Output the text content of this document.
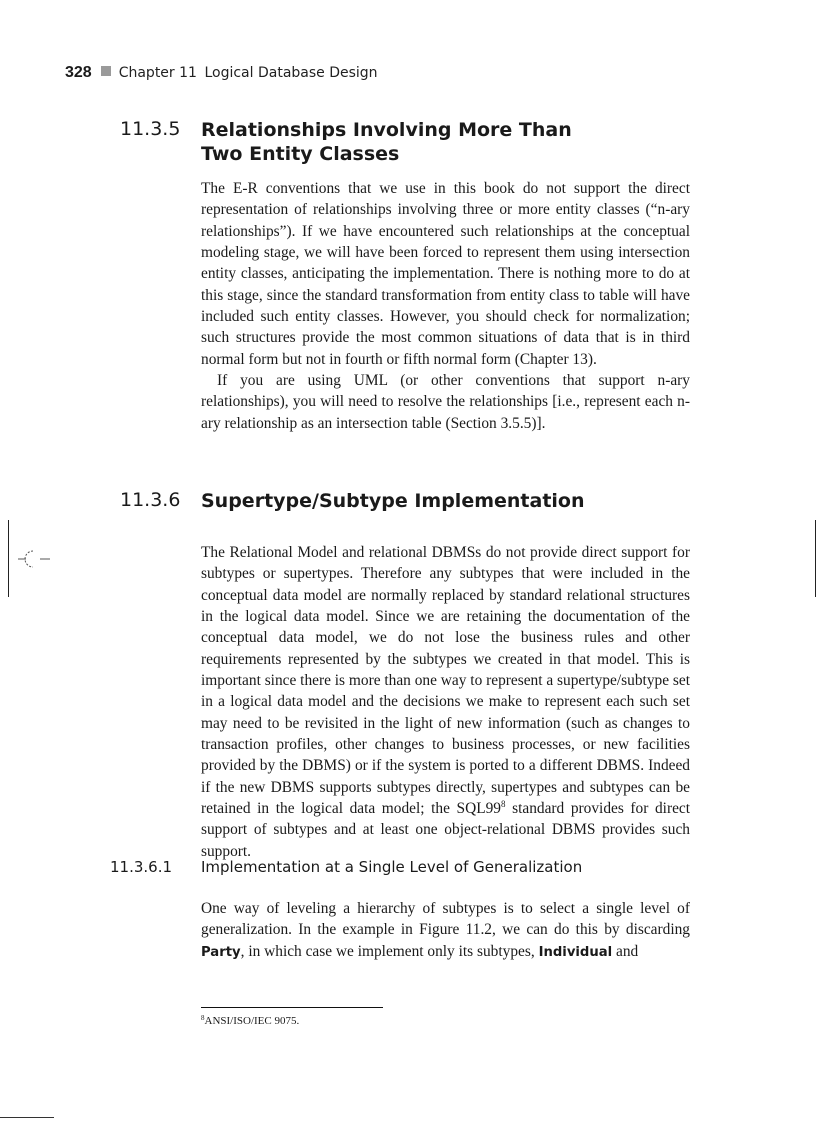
328 Chapter 11 Logical Database Design
11.3.5 Relationships Involving More Than
Two Entity Classes

The E-R conventions that we use in this book do not support the direct representation of relationships involving three or more entity classes (“n-ary relationships”). If we have encountered such relationships at the conceptual modeling stage, we will have been forced to represent them using intersection entity classes, anticipating the implementation. There is nothing more to do at this stage, since the standard transformation from entity class to table will have included such entity classes. However, you should check for normalization; such structures provide the most common situations of data that is in third normal form but not in fourth or fifth normal form (Chapter 13).

If you are using UML (or other conventions that support n-ary relationships), you will need to resolve the relationships [i.e., represent each n-ary relationship as an intersection table (Section 3.5.5)].

11.3.6 Supertype/Subtype Implementation

The Relational Model and relational DBMSs do not provide direct support for subtypes or supertypes. Therefore any subtypes that were included in the conceptual data model are normally replaced by standard relational structures in the logical data model. Since we are retaining the documentation of the conceptual data model, we do not lose the business rules and other requirements represented by the subtypes we created in that model. This is important since there is more than one way to represent a supertype/subtype set in a logical data model and the decisions we make to represent each such set may need to be revisited in the light of new information (such as changes to transaction profiles, other changes to business processes, or new facilities provided by the DBMS) or if the system is ported to a different DBMS. Indeed if the new DBMS supports subtypes directly, supertypes and subtypes can be retained in the logical data model; the $SQL99^8$ standard provides for direct support of subtypes and at least one object-relational DBMS provides such support.

11.3.6.1 Implementation at a Single Level of Generalization

One way of leveling a hierarchy of subtypes is to select a single level of generalization. In the example in Figure 11.2, we can do this by discarding Party, in which case we implement only its subtypes, Individual and

$^8$ANSI/ISO/IEC 9075.
